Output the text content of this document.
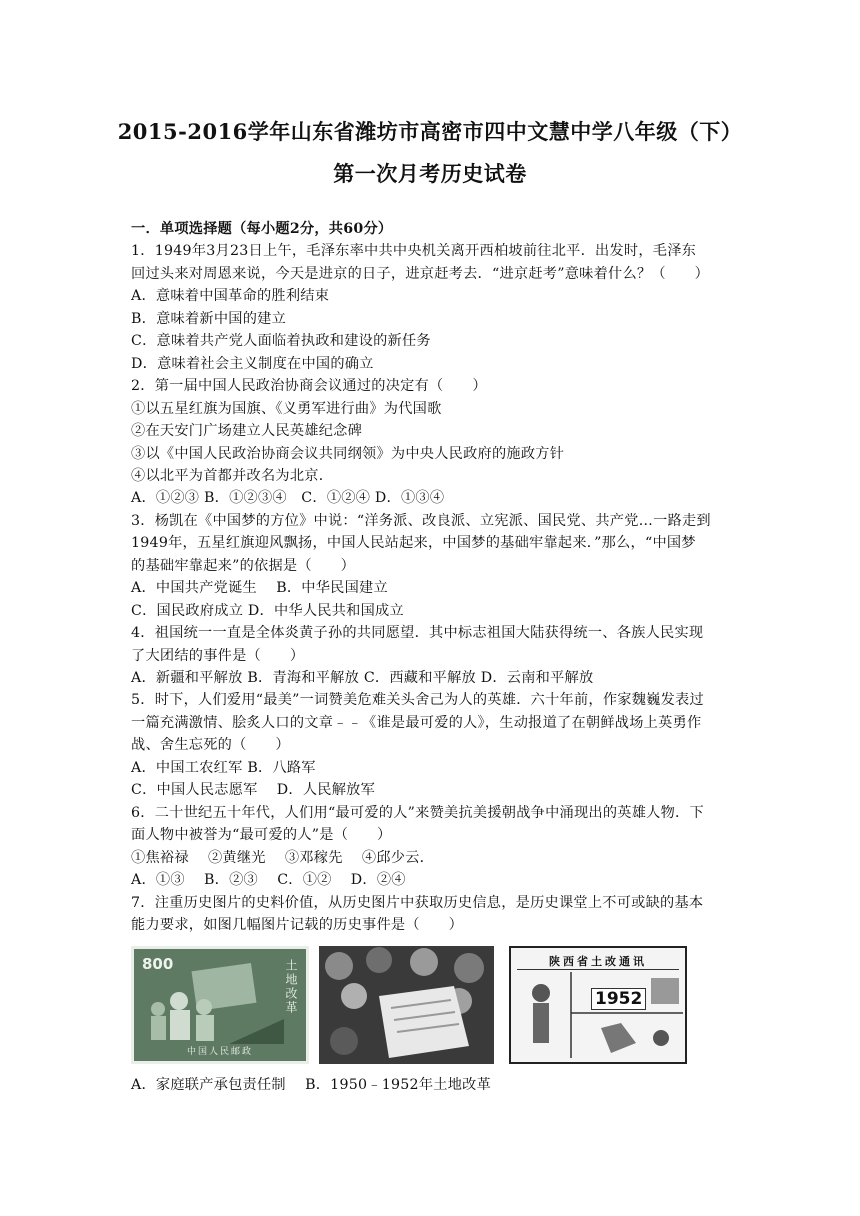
2015-2016学年山东省潍坊市高密市四中文慧中学八年级（下）
第一次月考历史试卷
一．单项选择题（每小题2分，共60分）
1．1949年3月23日上午，毛泽东率中共中央机关离开西柏坡前往北平．出发时，毛泽东
回过头来对周恩来说，今天是进京的日子，进京赶考去．“进京赶考”意味着什么？（　　）
A．意味着中国革命的胜利结束
B．意味着新中国的建立
C．意味着共产党人面临着执政和建设的新任务
D．意味着社会主义制度在中国的确立
2．第一届中国人民政治协商会议通过的决定有（　　）
①以五星红旗为国旗、《义勇军进行曲》为代国歌
②在天安门广场建立人民英雄纪念碑
③以《中国人民政治协商会议共同纲领》为中央人民政府的施政方针
④以北平为首都并改名为北京．
A．①②③ B．①②③④　C．①②④ D．①③④
3．杨凯在《中国梦的方位》中说：“洋务派、改良派、立宪派、国民党、共产党…一路走到
1949年，五星红旗迎风飘扬，中国人民站起来，中国梦的基础牢靠起来．”那么，“中国梦
的基础牢靠起来”的依据是（　　）
A．中国共产党诞生　 B．中华民国建立
C．国民政府成立 D．中华人民共和国成立
4．祖国统一一直是全体炎黄子孙的共同愿望．其中标志祖国大陆获得统一、各族人民实现
了大团结的事件是（　　）
A．新疆和平解放 B．青海和平解放 C．西藏和平解放 D．云南和平解放
5．时下，人们爱用“最美”一词赞美危难关头舍己为人的英雄．六十年前，作家魏巍发表过
一篇充满激情、脍炙人口的文章﹣﹣《谁是最可爱的人》，生动报道了在朝鲜战场上英勇作
战、舍生忘死的（　　）
A．中国工农红军 B．八路军
C．中国人民志愿军　 D．人民解放军
6．二十世纪五十年代，人们用“最可爱的人”来赞美抗美援朝战争中涌现出的英雄人物．下
面人物中被誉为“最可爱的人”是（　　）
①焦裕禄　 ②黄继光　 ③邓稼先　 ④邱少云．
A．①③　 B．②③　 C．①②　 D．②④
7．注重历史图片的史料价值，从历史图片中获取历史信息，是历史课堂上不可或缺的基本
能力要求，如图几幅图片记载的历史事件是（　　）
800	土地改革
中国人民邮政
陕西省土改通讯
1952
A．家庭联产承包责任制　 B．1950﹣1952年土地改革
